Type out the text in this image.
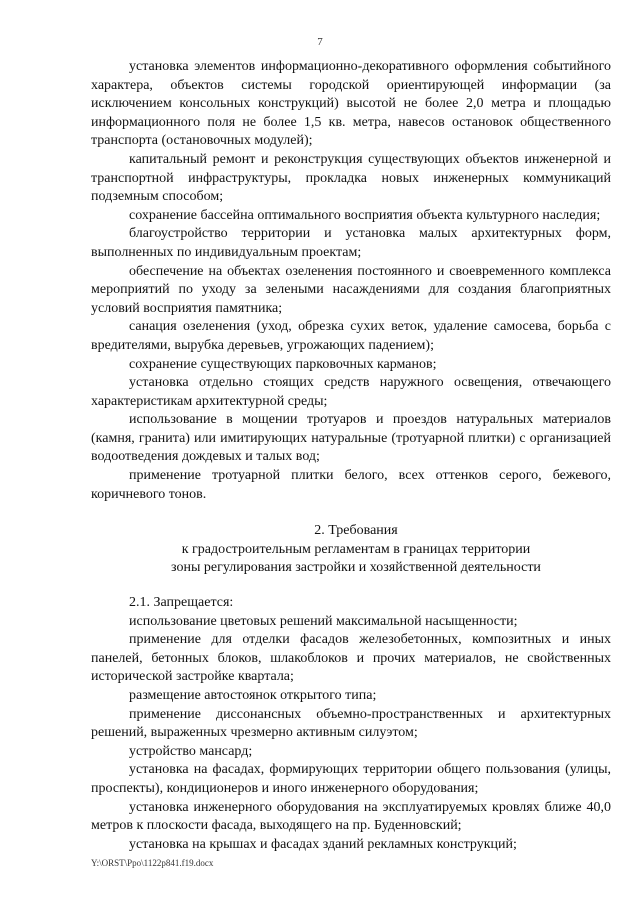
7

установка элементов информационно-декоративного оформления событийного характера, объектов системы городской ориентирующей информации (за исключением консольных конструкций) высотой не более 2,0 метра и площадью информационного поля не более 1,5 кв. метра, навесов остановок общественного транспорта (остановочных модулей);

капитальный ремонт и реконструкция существующих объектов инженерной и транспортной инфраструктуры, прокладка новых инженерных коммуникаций подземным способом;

сохранение бассейна оптимального восприятия объекта культурного наследия;

благоустройство территории и установка малых архитектурных форм, выполненных по индивидуальным проектам;

обеспечение на объектах озеленения постоянного и своевременного комплекса мероприятий по уходу за зелеными насаждениями для создания благоприятных условий восприятия памятника;

санация озеленения (уход, обрезка сухих веток, удаление самосева, борьба с вредителями, вырубка деревьев, угрожающих падением);

сохранение существующих парковочных карманов;

установка отдельно стоящих средств наружного освещения, отвечающего характеристикам архитектурной среды;

использование в мощении тротуаров и проездов натуральных материалов (камня, гранита) или имитирующих натуральные (тротуарной плитки) с организацией водоотведения дождевых и талых вод;

применение тротуарной плитки белого, всех оттенков серого, бежевого, коричневого тонов.

2. Требования
к градостроительным регламентам в границах территории
зоны регулирования застройки и хозяйственной деятельности

2.1. Запрещается:

использование цветовых решений максимальной насыщенности;

применение для отделки фасадов железобетонных, композитных и иных панелей, бетонных блоков, шлакоблоков и прочих материалов, не свойственных исторической застройке квартала;

размещение автостоянок открытого типа;

применение диссонансных объемно-пространственных и архитектурных решений, выраженных чрезмерно активным силуэтом;

устройство мансард;

установка на фасадах, формирующих территории общего пользования (улицы, проспекты), кондиционеров и иного инженерного оборудования;

установка инженерного оборудования на эксплуатируемых кровлях ближе 40,0 метров к плоскости фасада, выходящего на пр. Буденновский;

установка на крышах и фасадах зданий рекламных конструкций;

Y:\ORST\Ppo\1122p841.f19.docx
